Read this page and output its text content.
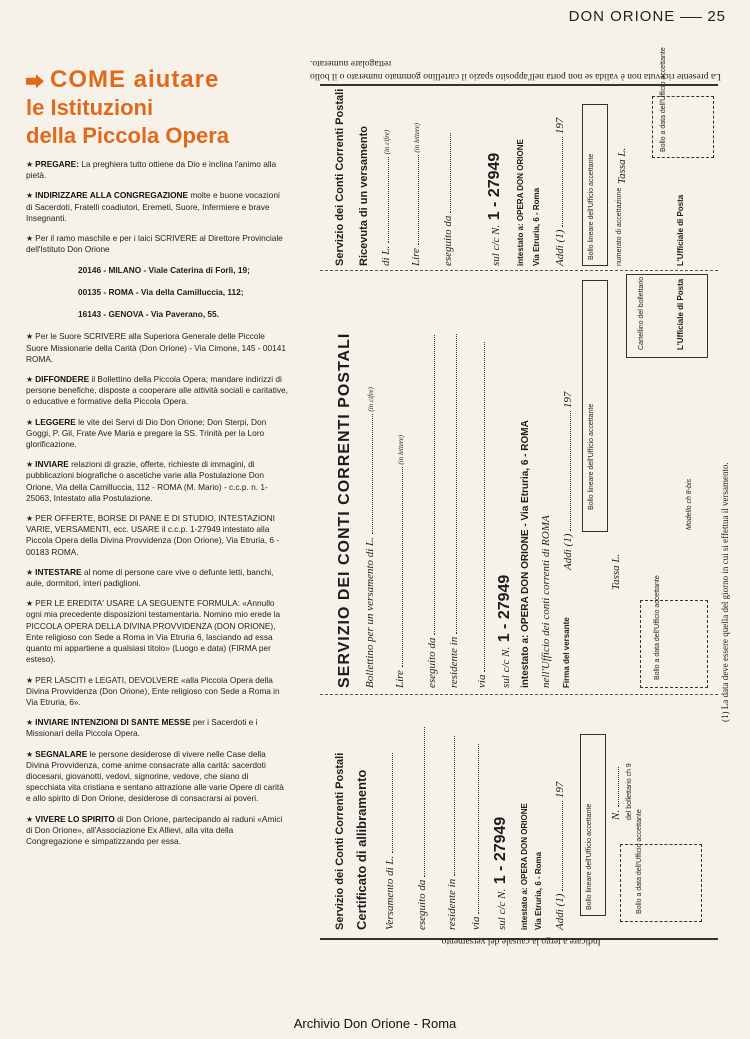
DON ORIONE 25
COME aiutare
le Istituzioni
della Piccola Opera
★ PREGARE: La preghiera tutto ottiene da Dio e inclina l'animo alla pietà.
★ INDIRIZZARE ALLA CONGREGAZIONE molte e buone vocazioni di Sacerdoti, Fratelli coadiutori, Eremeti, Suore, Infermiere e brave Insegnanti.
★ Per il ramo maschile e per i laici SCRIVERE al Direttore Provinciale dell'Istituto Don Orione
20146 - MILANO - Viale Caterina di Forlì, 19;
00135 - ROMA - Via della Camilluccia, 112;
16143 - GENOVA - Via Paverano, 55.
★ Per le Suore SCRIVERE alla Superiora Generale delle Piccole Suore Missionarie della Carità (Don Orione) - Via Cimone, 145 - 00141 ROMA.
★ DIFFONDERE il Bollettino della Piccola Opera; mandare indirizzi di persone benefiche, disposte a cooperare alle attività sociali e caritative, o educative e formative della Piccola Opera.
★ LEGGERE le vite dei Servi di Dio Don Orione; Don Sterpi, Don Goggi, P. Gil, Frate Ave Maria e pregare la SS. Trinità per la Loro glorificazione.
★ INVIARE relazioni di grazie, offerte, richieste di immagini, di pubblicazioni biografiche o ascetiche varie alla Postulazione Don Orione, Via della Camilluccia, 112 - ROMA (M. Mario) - c.c.p. n. 1-25063, Intestato alla Postulazione.
★ PER OFFERTE, BORSE DI PANE E DI STUDIO, INTESTAZIONI VARIE, VERSAMENTI, ecc. USARE il c.c.p. 1-27949 intestato alla Piccola Opera della Divina Provvidenza (Don Orione), Via Etruria, 6 - 00183 ROMA.
★ INTESTARE al nome di persone care vive o defunte letti, banchi, aule, dormitori, interi padiglioni.
★ PER LE EREDITA' USARE LA SEGUENTE FORMULA: «Annullo ogni mia precedente disposizioni testamentaria. Nomino mio erede la PICCOLA OPERA DELLA DIVINA PROVVIDENZA (DON ORIONE), Ente religioso con Sede a Roma in Via Etruria 6, lasciando ad essa quanto mi appartiene a qualsiasi titolo» (Luogo e data) (FIRMA per esteso).
★ PER LASCITI e LEGATI, DEVOLVERE «alla Piccola Opera della Divina Provvidenza (Don Orione), Ente religioso con Sede a Roma in Via Etruria, 6».
★ INVIARE INTENZIONI DI SANTE MESSE per i Sacerdoti e i Missionari della Piccola Opera.
★ SEGNALARE le persone desiderose di vivere nelle Case della Divina Provvidenza, come anime consacrate alla carità: sacerdoti diocesani, giovanotti, vedovi, signorine, vedove, che siano di specchiata vita cristiana e sentano attrazione alle varie Opere di carità e allo spirito di Don Orione, desiderose di consacrarsi ai poveri.
★ VIVERE LO SPIRITO di Don Orione, partecipando ai raduni «Amici di Don Orione», all'Associazione Ex Allievi, alla vita della Congregazione e simpatizzando per essa.
La presente ricevuta non è valida se non porta nell'apposito spazio il cartellino gommato numerato o il bollo rettagolare numerato.
Servizio dei Conti Correnti Postali Ricevuta di un versamento di L.  (in cifre)
Lire  (in lettere)
eseguito da	sul c/c N. 1 - 27949 intestato a: OPERA DON ORIONE Via Etruria, 6 - Roma Addì (1)  197
Bollo lineare dell'Ufficio accettante Tassa L.
numerato di accettazione
Bollo a data dell'Ufficio accettante
L'Ufficiale di Posta
SERVIZIO DEI CONTI CORRENTI POSTALI Bollettino per un versamento di L.  (in cifre)
Lire  (in lettere)
eseguito da residente in via	sul c/c N. 1 - 27949 intestato a: OPERA DON ORIONE - Via Etruria, 6 - ROMA nell'Ufficio dei conti correnti di ROMA Firma del versante
Addì (1)  197
Bollo lineare dell'Ufficio accettante
Tassa L.
Bollo a data dell'Ufficio accettante
Modello ch 8-bis
Cartellino del bollettario	L'Ufficiale di Posta
Servizio dei Conti Correnti Postali Certificato di allibramento Versamento di L. eseguito da residente in via	sul c/c N. 1 - 27949 intestato a: OPERA DON ORIONE Via Etruria, 6 - Roma Addì (1)  197
Bollo lineare dell'Ufficio accettante N. del bollettario ch 9
Bollo a data dell'Ufficio accettante
Indicare a tergo la causale del versamento.
(1) La data deve essere quella del giorno in cui si effettua il versamento.
Archivio Don Orione - Roma
